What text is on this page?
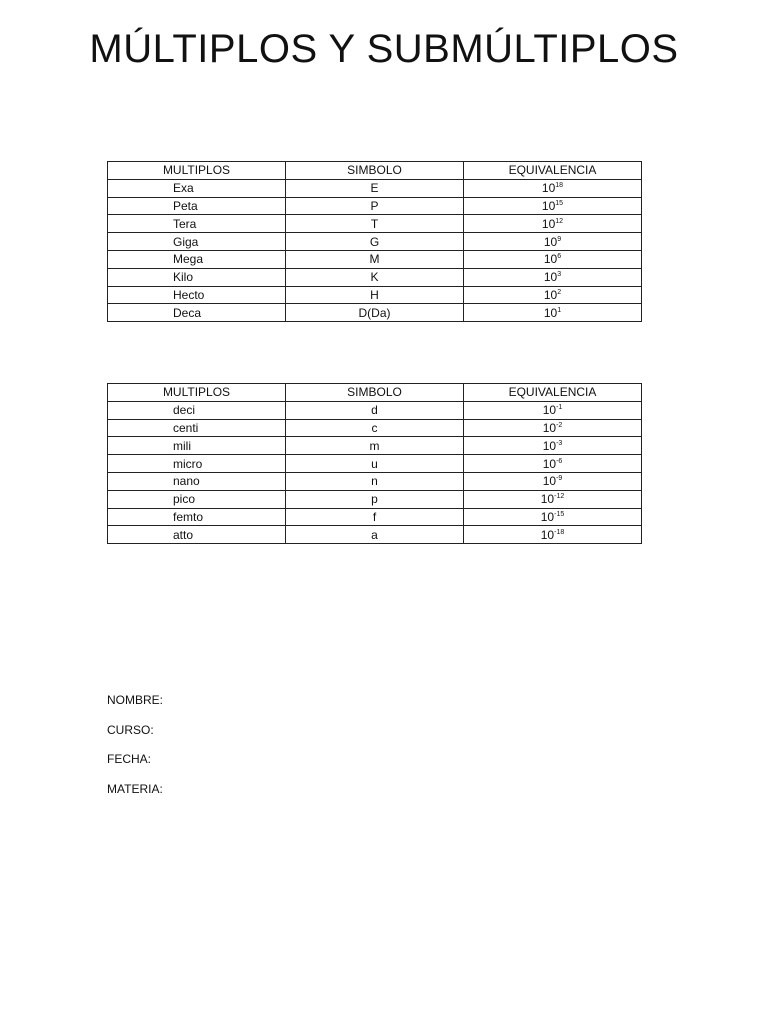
MÚLTIPLOS Y SUBMÚLTIPLOS
MULTIPLOS	SIMBOLO	EQUIVALENCIA
Exa	E	$10^{18}$
Peta	P	$10^{15}$
Tera	T	$10^{12}$
Giga	G	$10^9$
Mega	M	$10^6$
Kilo	K	$10^3$
Hecto	H	$10^2$
Deca	D(Da)	$10^1$
MULTIPLOS	SIMBOLO	EQUIVALENCIA
deci	d	$10^{-1}$
centi	c	$10^{-2}$
mili	m	$10^{-3}$
micro	u	$10^{-6}$
nano	n	$10^{-9}$
pico	p	$10^{-12}$
femto	f	$10^{-15}$
atto	a	$10^{-18}$
NOMBRE:
CURSO:
FECHA:
MATERIA:
